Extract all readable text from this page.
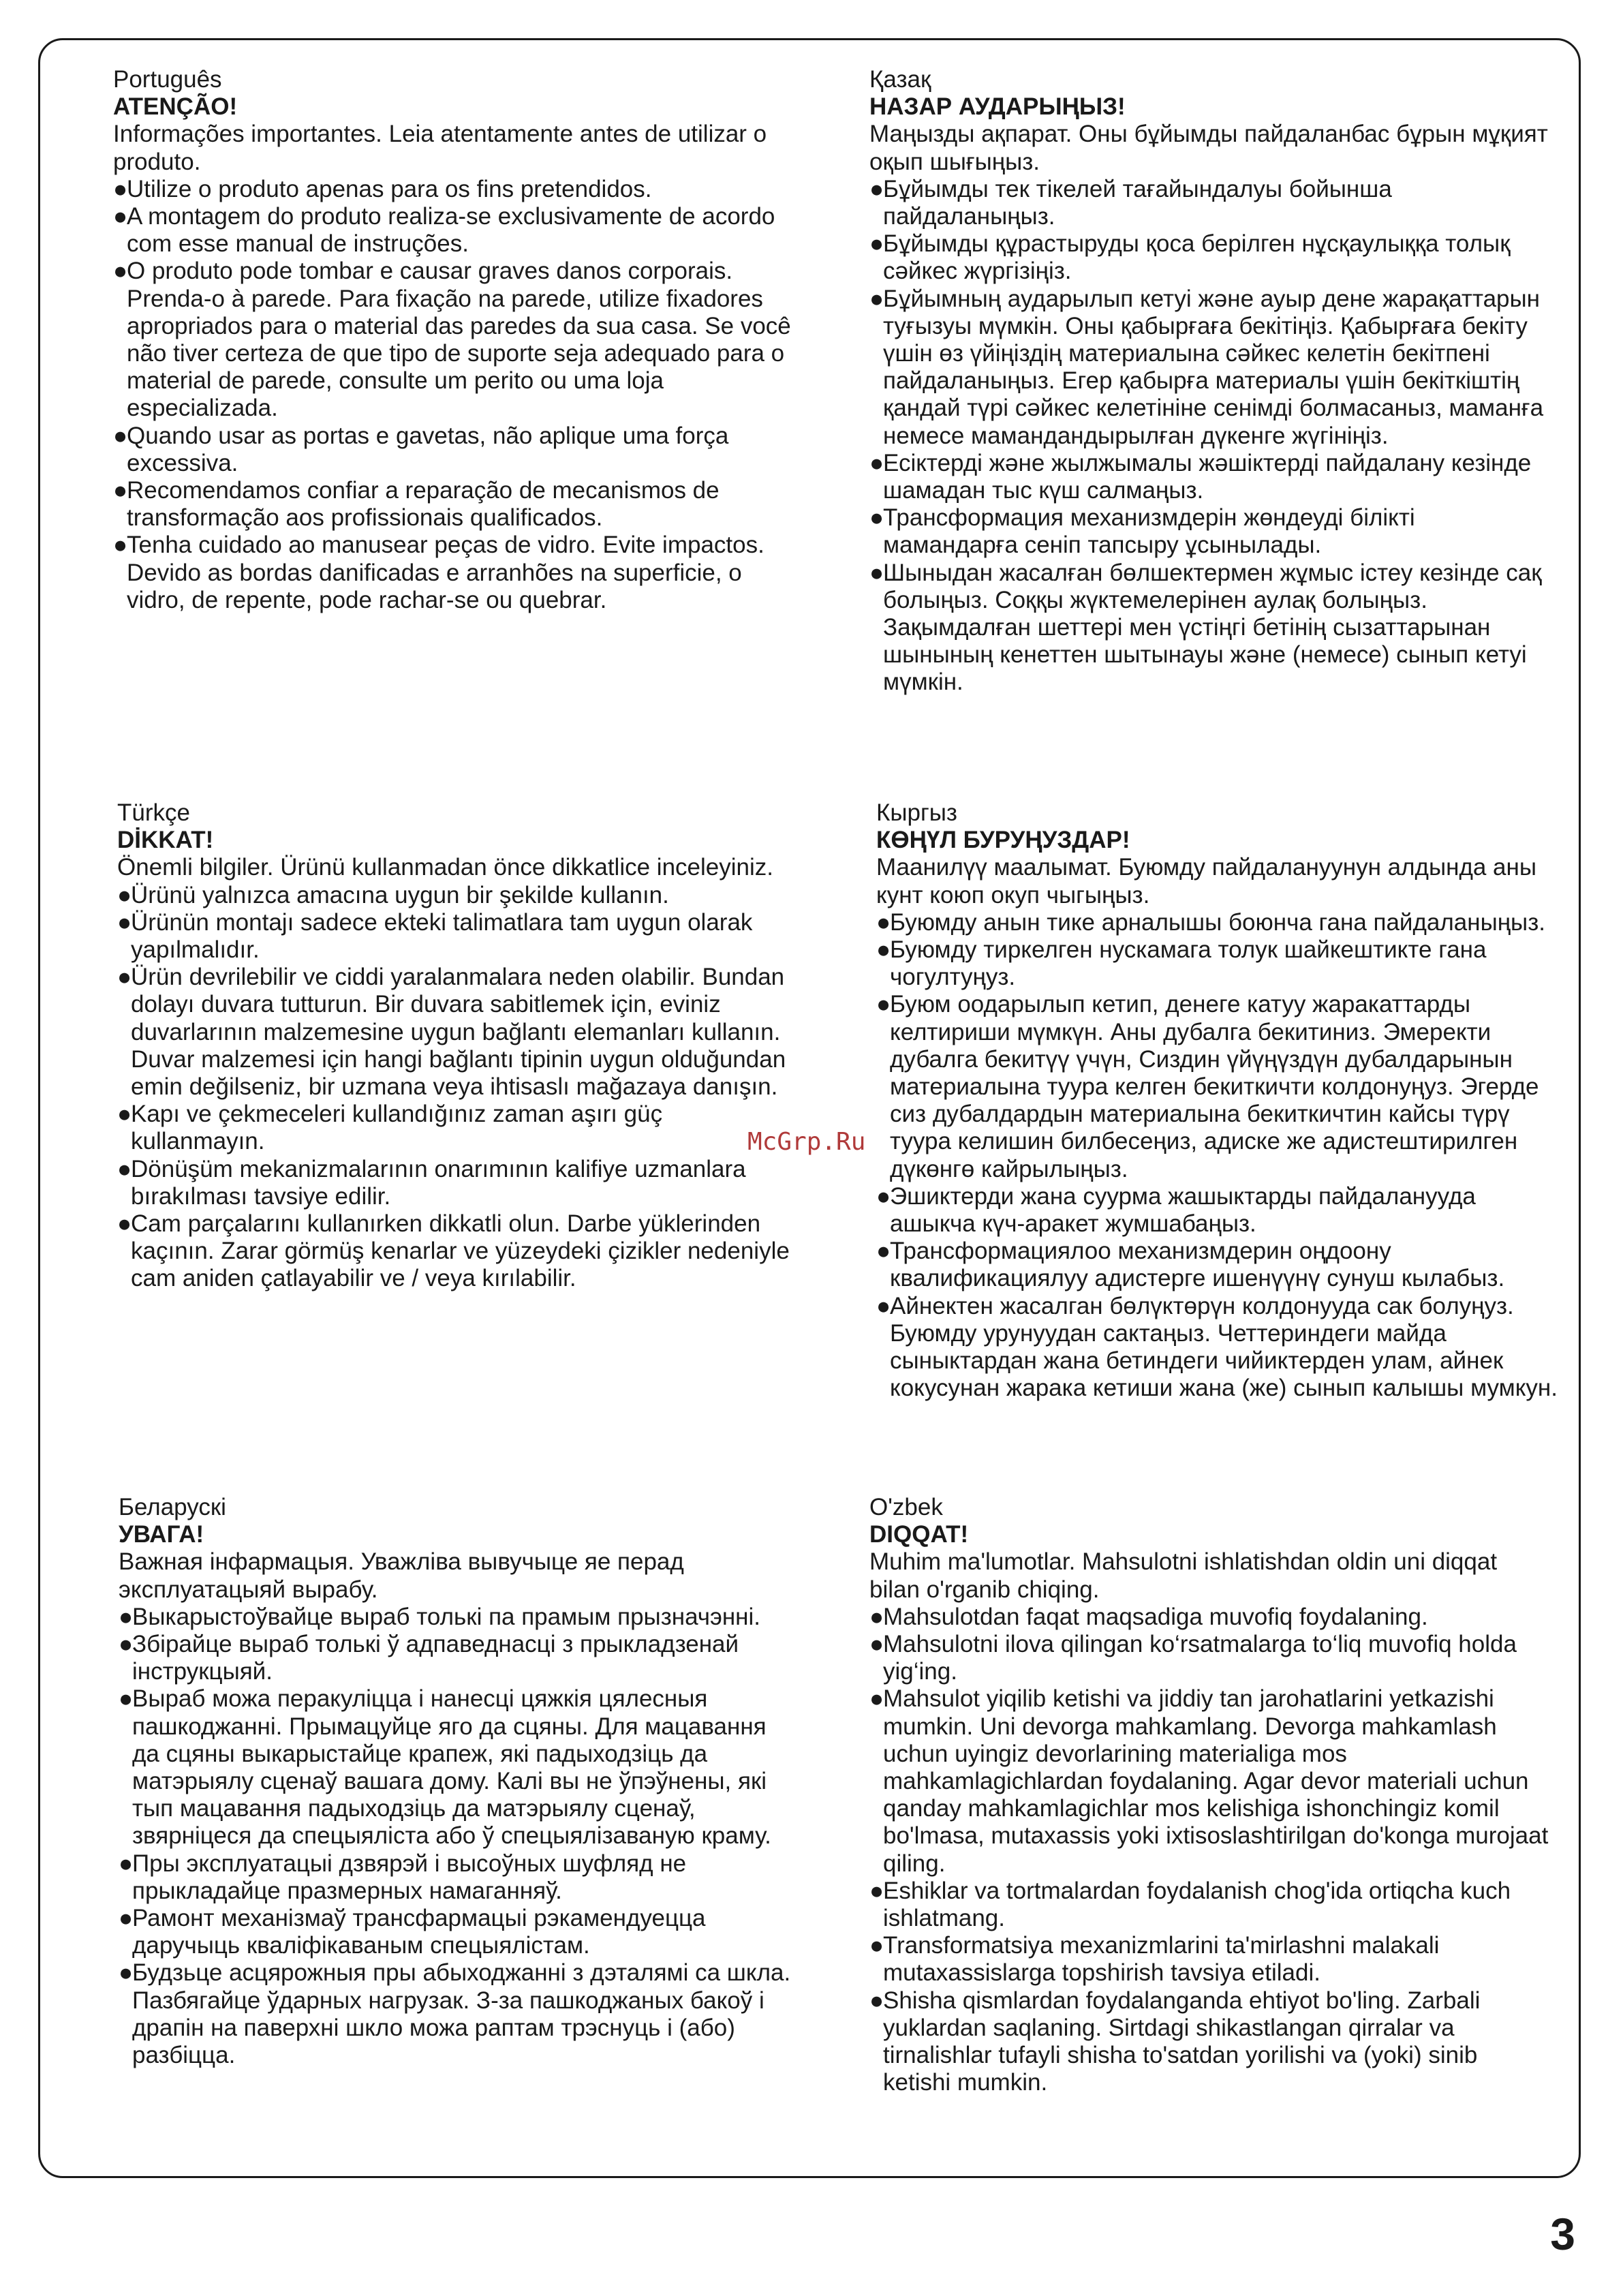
Português

ATENÇÃO!

Informações importantes. Leia atentamente antes de utilizar o produto.

●
Utilize o produto apenas para os fins pretendidos.
●
A montagem do produto realiza-se exclusivamente de acordo com esse manual de instruções.
●
O produto pode tombar e causar graves danos corporais. Prenda-o à parede. Para fixação na parede, utilize fixadores apropriados para o material das paredes da sua casa. Se você não tiver certeza de que tipo de suporte seja adequado para o material de parede, consulte um perito ou uma loja especializada.
●
Quando usar as portas e gavetas, não aplique uma força excessiva.
●
Recomendamos confiar a reparação de mecanismos de transformação aos profissionais qualificados.
●
Tenha cuidado ao manusear peças de vidro. Evite impactos. Devido as bordas danificadas e arranhões na superficie, o vidro, de repente, pode rachar-se ou quebrar.

Қазақ

НАЗАР АУДАРЫҢЫЗ!

Маңызды ақпарат. Оны бұйымды пайдаланбас бұрын мұқият оқып шығыңыз.

●
Бұйымды тек тікелей тағайындалуы бойынша пайдаланыңыз.
●
Бұйымды құрастыруды қоса берілген нұсқаулыққа толық сәйкес жүргізіңіз.
●
Бұйымның аударылып кетуі және ауыр дене жарақаттарын туғызуы мүмкін. Оны қабырғаға бекітіңіз. Қабырғаға бекіту үшін өз үйіңіздің материалына сәйкес келетін бекітпені пайдаланыңыз. Егер қабырға материалы үшін бекіткіштің қандай түрі сәйкес келетініне сенімді болмасаныз, маманға немесе мамандандырылған дүкенге жүгініңіз.
●
Есіктерді және жылжымалы жәшіктерді пайдалану кезінде шамадан тыс күш салмаңыз.
●
Трансформация механизмдерін жөндеуді білікті мамандарға сеніп тапсыру ұсынылады.
●
Шыныдан жасалған бөлшектермен жұмыс істеу кезінде сақ болыңыз. Соққы жүктемелерінен аулақ болыңыз. Зақымдалған шеттері мен үстіңгі бетінің сызаттарынан шынының кенеттен шытынауы және (немесе) сынып кетуі мүмкін.

Türkçe

DİKKAT!

Önemli bilgiler. Ürünü kullanmadan önce dikkatlice inceleyiniz.

●
Ürünü yalnızca amacına uygun bir şekilde kullanın.
●
Ürünün montajı sadece ekteki talimatlara tam uygun olarak yapılmalıdır.
●
Ürün devrilebilir ve ciddi yaralanmalara neden olabilir. Bundan dolayı duvara tutturun. Bir duvara sabitlemek için, eviniz duvarlarının malzemesine uygun bağlantı elemanları kullanın. Duvar malzemesi için hangi bağlantı tipinin uygun olduğundan emin değilseniz, bir uzmana veya ihtisaslı mağazaya danışın.
●
Kapı ve çekmeceleri kullandığınız zaman aşırı güç kullanmayın.
●
Dönüşüm mekanizmalarının onarımının kalifiye uzmanlara bırakılması tavsiye edilir.
●
Cam parçalarını kullanırken dikkatli olun. Darbe yüklerinden kaçının. Zarar görmüş kenarlar ve yüzeydeki çizikler nedeniyle cam aniden çatlayabilir ve / veya kırılabilir.

Кыргыз

КӨҢҮЛ БУРУҢУЗДАР!

Маанилүү маалымат. Буюмду пайдалануунун алдында аны кунт коюп окуп чыгыңыз.

●
Буюмду анын тике арналышы боюнча гана пайдаланыңыз.
●
Буюмду тиркелген нускамага толук шайкештикте гана чогултуңуз.
●
Буюм оодарылып кетип, денеге катуу жаракаттарды келтириши мүмкүн. Аны дубалга бекитиниз. Эмеректи дубалга бекитүү үчүн, Сиздин үйүңүздүн дубалдарынын материалына туура келген бекиткичти колдонуңуз. Эгерде сиз дубалдардын материалына бекиткичтин кайсы түрү туура келишин билбесеңиз, адиске же адистештирилген дүкөнгө кайрылыңыз.
●
Эшиктерди жана суурма жашыктарды пайдаланууда ашыкча күч-аракет жумшабаңыз.
●
Трансформациялоо механизмдерин оңдоону квалификациялуу адистерге ишенүүнү сунуш кылабыз.
●
Айнектен жасалган бөлүктөрүн колдонууда сак болуңуз. Буюмду урунуудан сактаңыз. Четтериндеги майда сыныктардан жана бетиндеги чийиктерден улам, айнек кокусунан жарака кетиши жана (же) сынып калышы мумкун.

Беларускі

УВАГА!

Важная інфармацыя. Уважліва вывучыце яе перад эксплуатацыяй вырабу.

●
Выкарыстоўвайце выраб толькі па прамым прызначэнні.
●
Збірайце выраб толькі ў адпаведнасці з прыкладзенай інструкцыяй.
●
Выраб можа перакуліцца і нанесці цяжкія цялесныя пашкоджанні. Прымацуйце яго да сцяны. Для мацавання да сцяны выкарыстайце крапеж, які падыходзіць да матэрыялу сценаў вашага дому. Калі вы не ўпэўнены, які тып мацавання падыходзіць да матэрыялу сценаў, звярніцеся да спецыяліста або ў спецыялізаваную краму.
●
Пры эксплуатацыі дзвярэй і высоўных шуфляд не прыкладайце празмерных намаганняў.
●
Рамонт механізмаў трансфармацыі рэкамендуецца даручыць кваліфікаваным спецыялістам.
●
Будзьце асцярожныя пры абыходжанні з дэталямі са шкла. Пазбягайце ўдарных нагрузак. З-за пашкоджаных бакоў і драпін на паверхні шкло можа раптам трэснуць і (або) разбіцца.

O'zbek

DIQQAT!

Muhim ma'lumotlar. Mahsulotni ishlatishdan oldin uni diqqat bilan o'rganib chiqing.

●
Mahsulotdan faqat maqsadiga muvofiq foydalaning.
●
Mahsulotni ilova qilingan ko‘rsatmalarga to‘liq muvofiq holda yig‘ing.
●
Mahsulot yiqilib ketishi va jiddiy tan jarohatlarini yetkazishi mumkin. Uni devorga mahkamlang. Devorga mahkamlash uchun uyingiz devorlarining materialiga mos mahkamlagichlardan foydalaning. Agar devor materiali uchun qanday mahkamlagichlar mos kelishiga ishonchingiz komil bo'lmasa, mutaxassis yoki ixtisoslashtirilgan do'konga murojaat qiling.
●
Eshiklar va tortmalardan foydalanish chog'ida ortiqcha kuch ishlatmang.
●
Transformatsiya mexanizmlarini ta'mirlashni malakali mutaxassislarga topshirish tavsiya etiladi.
●
Shisha qismlardan foydalanganda ehtiyot bo'ling. Zarbali yuklardan saqlaning. Sirtdagi shikastlangan qirralar va tirnalishlar tufayli shisha to'satdan yorilishi va (yoki) sinib ketishi mumkin.
McGrp.Ru
3
